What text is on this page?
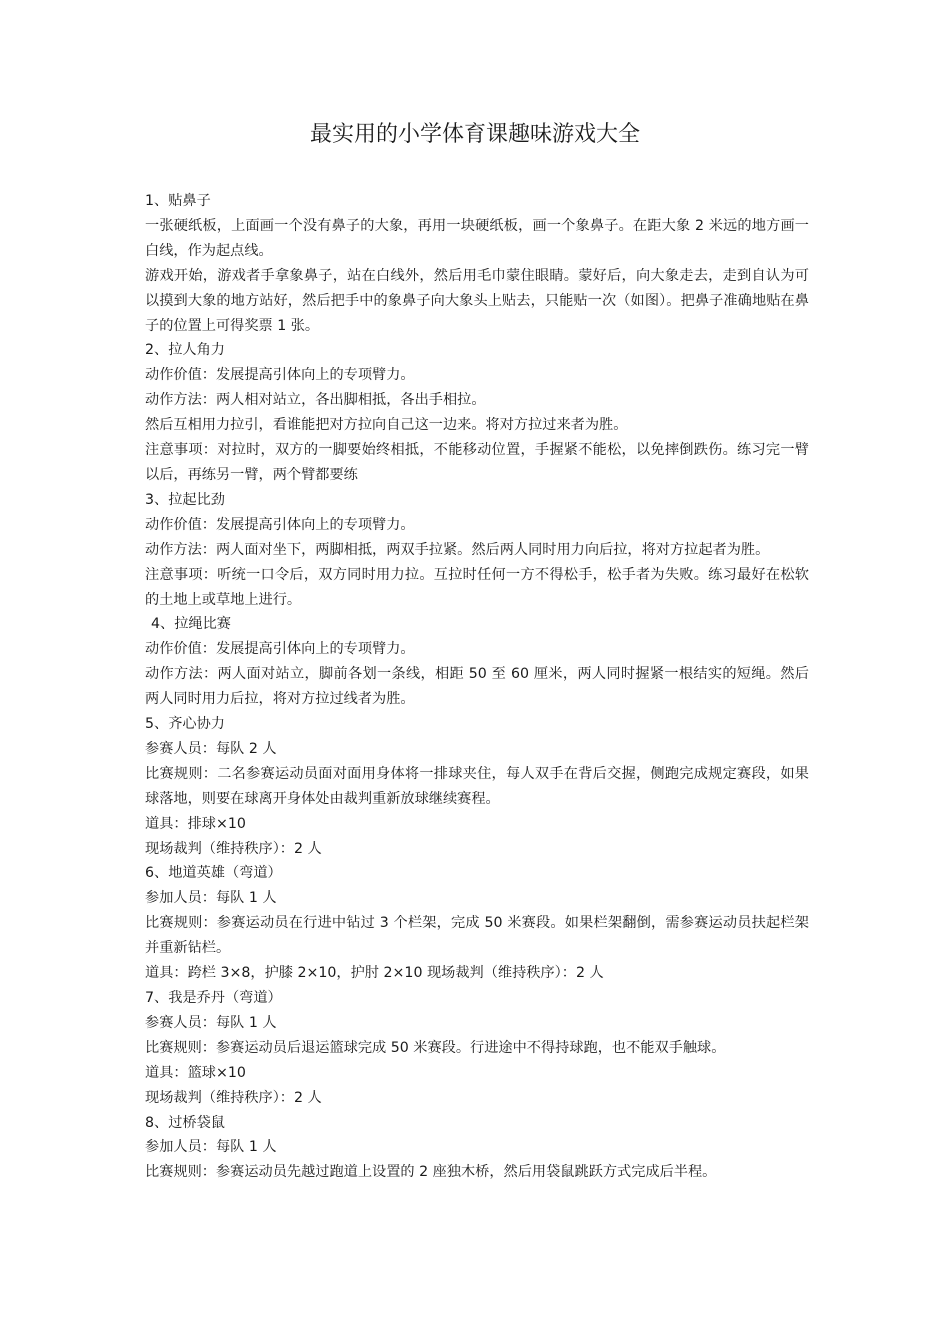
最实用的小学体育课趣味游戏大全

1、贴鼻子

一张硬纸板，上面画一个没有鼻子的大象，再用一块硬纸板，画一个象鼻子。在距大象 2 米远的地方画一白线，作为起点线。

游戏开始，游戏者手拿象鼻子，站在白线外，然后用毛巾蒙住眼睛。蒙好后，向大象走去，走到自认为可以摸到大象的地方站好，然后把手中的象鼻子向大象头上贴去，只能贴一次（如图）。把鼻子准确地贴在鼻子的位置上可得奖票 1 张。

2、拉人角力

动作价值：发展提高引体向上的专项臂力。

动作方法：两人相对站立，各出脚相抵，各出手相拉。

然后互相用力拉引，看谁能把对方拉向自己这一边来。将对方拉过来者为胜。

注意事项：对拉时，双方的一脚要始终相抵，不能移动位置，手握紧不能松，以免摔倒跌伤。练习完一臂以后，再练另一臂，两个臂都要练

3、拉起比劲

动作价值：发展提高引体向上的专项臂力。

动作方法：两人面对坐下，两脚相抵，两双手拉紧。然后两人同时用力向后拉，将对方拉起者为胜。

注意事项：听统一口令后，双方同时用力拉。互拉时任何一方不得松手，松手者为失败。练习最好在松软的土地上或草地上进行。

4、拉绳比赛

动作价值：发展提高引体向上的专项臂力。

动作方法：两人面对站立，脚前各划一条线，相距 50 至 60 厘米，两人同时握紧一根结实的短绳。然后两人同时用力后拉，将对方拉过线者为胜。

5、齐心协力

参赛人员：每队 2 人

比赛规则：二名参赛运动员面对面用身体将一排球夹住，每人双手在背后交握，侧跑完成规定赛段，如果球落地，则要在球离开身体处由裁判重新放球继续赛程。

道具：排球×10

现场裁判（维持秩序）：2 人

6、地道英雄（弯道）

参加人员：每队 1 人

比赛规则：参赛运动员在行进中钻过 3 个栏架，完成 50 米赛段。如果栏架翻倒，需参赛运动员扶起栏架并重新钻栏。

道具：跨栏 3×8，护膝 2×10，护肘 2×10 现场裁判（维持秩序）：2 人

7、我是乔丹（弯道）

参赛人员：每队 1 人

比赛规则：参赛运动员后退运篮球完成 50 米赛段。行进途中不得持球跑，也不能双手触球。

道具：篮球×10

现场裁判（维持秩序）：2 人

8、过桥袋鼠

参加人员：每队 1 人

比赛规则：参赛运动员先越过跑道上设置的 2 座独木桥，然后用袋鼠跳跃方式完成后半程。
